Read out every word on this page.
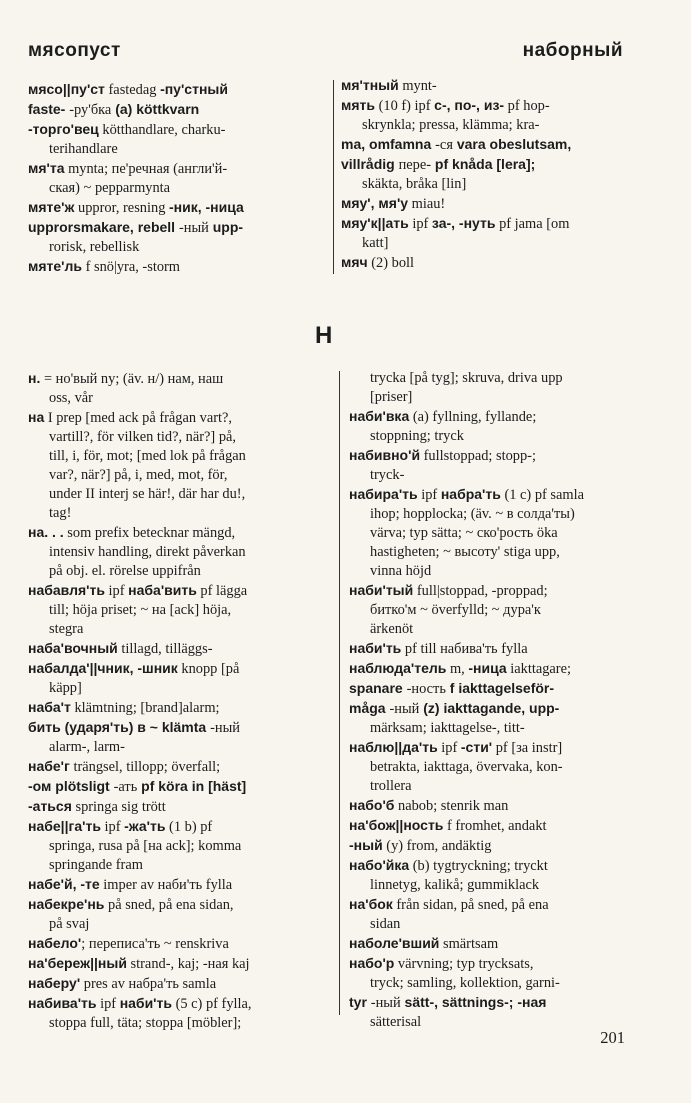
мясопуст	наборный
мясо||пу'ст fastedag -пу'стный
faste- -ру'бка (a) köttkvarn
-торго'вец kötthandlare, charku-
terihandlare
мя'та mynta; пе'речная (англи'й-
ская) ~ pepparmynta
мяте'ж uppror, resning -ник, -ница
upprorsmakare, rebell -ный upp-
rorisk, rebellisk
мяте'ль f snö|yra, -storm
мя'тный mynt-
мять (10 f) ipf с-, по-, из- pf hop-
skrynkla; pressa, klämma; kra-
ma, omfamna -ся vara obeslutsam,
villrådig пере- pf knåda [lera];
skäkta, bråka [lin]
мяу', мя'у miau!
мяу'к||ать ipf за-, -нуть pf jama [om
katt]
мяч (2) boll
Н
н. = но'вый ny; (äv. н/) нам, наш
oss, vår
на I prep [med ack på frågan vart?,
vartill?, för vilken tid?, när?] på,
till, i, för, mot; [med lok på frågan
var?, när?] på, i, med, mot, för,
under II interj se här!, där har du!,
tag!
на. . . som prefix betecknar mängd,
intensiv handling, direkt påverkan
på obj. el. rörelse uppifrån
набавля'ть ipf наба'вить pf lägga
till; höja priset; ~ на [ack] höja,
stegra
наба'вочный tillagd, tilläggs-
набалда'||чник, -шник knopp [på
käpp]
наба'т klämtning; [brand]alarm;
бить (ударя'ть) в ~ klämta -ный
alarm-, larm-
набе'г trängsel, tillopp; överfall;
-ом plötsligt -ать pf köra in [häst]
-аться springa sig trött
набе||га'ть ipf -жа'ть (1 b) pf
springa, rusa på [на ack]; komma
springande fram
набе'й, -те imper av наби'ть fylla
набекре'нь på sned, på ena sidan,
på svaj
набело'; переписа'ть ~ renskriva
на'береж||ный strand-, kaj; -ная kaj
наберу' pres av набра'ть samla
набива'ть ipf наби'ть (5 c) pf fylla,
stoppa full, täta; stoppa [möbler];
trycka [på tyg]; skruva, driva upp
[priser]
наби'вка (a) fyllning, fyllande;
stoppning; tryck
набивно'й fullstoppad; stopp-;
tryck-
набира'ть ipf набра'ть (1 c) pf samla
ihop; hopplocka; (äv. ~ в солда'ты)
värva; typ sätta; ~ ско'рость öka
hastigheten; ~ высоту' stiga upp,
vinna höjd
наби'тый full|stoppad, -proppad;
битко'м ~ överfylld; ~ дура'к
ärkenöt
наби'ть pf till набива'ть fylla
наблюда'тель m, -ница iakttagare;
spanare -ность f iakttagelseför-
måga -ный (z) iakttagande, upp-
märksam; iakttagelse-, titt-
наблю||да'ть ipf -сти' pf [за instr]
betrakta, iakttaga, övervaka, kon-
trollera
набо'б nabob; stenrik man
на'бож||ность f fromhet, andakt
-ный (y) from, andäktig
набо'йка (b) tygtryckning; tryckt
linnetyg, kalikå; gummiklack
на'бок från sidan, på sned, på ena
sidan
наболе'вший smärtsam
набо'р värvning; typ trycksats,
tryck; samling, kollektion, garni-
tyr -ный sätt-, sättnings-; -ная
sätterisal
201
